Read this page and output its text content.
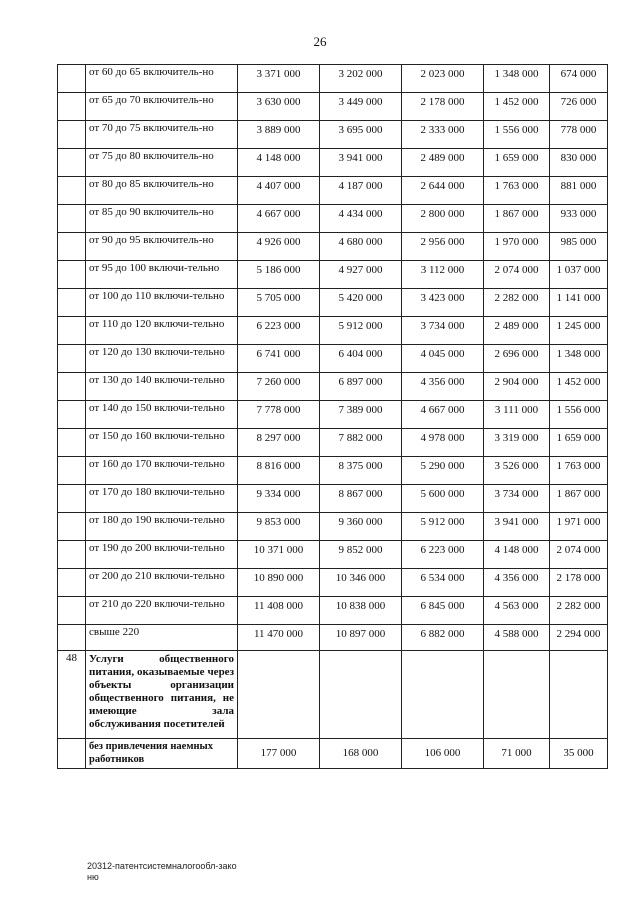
26
	от 60 до 65 включитель-но	3 371 000	3 202 000	2 023 000	1 348 000	674 000
	от 65 до 70 включитель-но	3 630 000	3 449 000	2 178 000	1 452 000	726 000
	от 70 до 75 включитель-но	3 889 000	3 695 000	2 333 000	1 556 000	778 000
	от 75 до 80 включитель-но	4 148 000	3 941 000	2 489 000	1 659 000	830 000
	от 80 до 85 включитель-но	4 407 000	4 187 000	2 644 000	1 763 000	881 000
	от 85 до 90 включитель-но	4 667 000	4 434 000	2 800 000	1 867 000	933 000
	от 90 до 95 включитель-но	4 926 000	4 680 000	2 956 000	1 970 000	985 000
	от 95 до 100 включи-тельно	5 186 000	4 927 000	3 112 000	2 074 000	1 037 000
	от 100 до 110 включи-тельно	5 705 000	5 420 000	3 423 000	2 282 000	1 141 000
	от 110 до 120 включи-тельно	6 223 000	5 912 000	3 734 000	2 489 000	1 245 000
	от 120 до 130 включи-тельно	6 741 000	6 404 000	4 045 000	2 696 000	1 348 000
	от 130 до 140 включи-тельно	7 260 000	6 897 000	4 356 000	2 904 000	1 452 000
	от 140 до 150 включи-тельно	7 778 000	7 389 000	4 667 000	3 111 000	1 556 000
	от 150 до 160 включи-тельно	8 297 000	7 882 000	4 978 000	3 319 000	1 659 000
	от 160 до 170 включи-тельно	8 816 000	8 375 000	5 290 000	3 526 000	1 763 000
	от 170 до 180 включи-тельно	9 334 000	8 867 000	5 600 000	3 734 000	1 867 000
	от 180 до 190 включи-тельно	9 853 000	9 360 000	5 912 000	3 941 000	1 971 000
	от 190 до 200 включи-тельно	10 371 000	9 852 000	6 223 000	4 148 000	2 074 000
	от 200 до 210 включи-тельно	10 890 000	10 346 000	6 534 000	4 356 000	2 178 000
	от 210 до 220 включи-тельно	11 408 000	10 838 000	6 845 000	4 563 000	2 282 000
	свыше 220	11 470 000	10 897 000	6 882 000	4 588 000	2 294 000
48	Услуги общественного питания, оказываемые через объекты организации общественного питания, не имеющие зала обслуживания посетителей					
	без привлечения наемных работников	177 000	168 000	106 000	71 000	35 000
20312-патентсистемналогообл-зако ню
